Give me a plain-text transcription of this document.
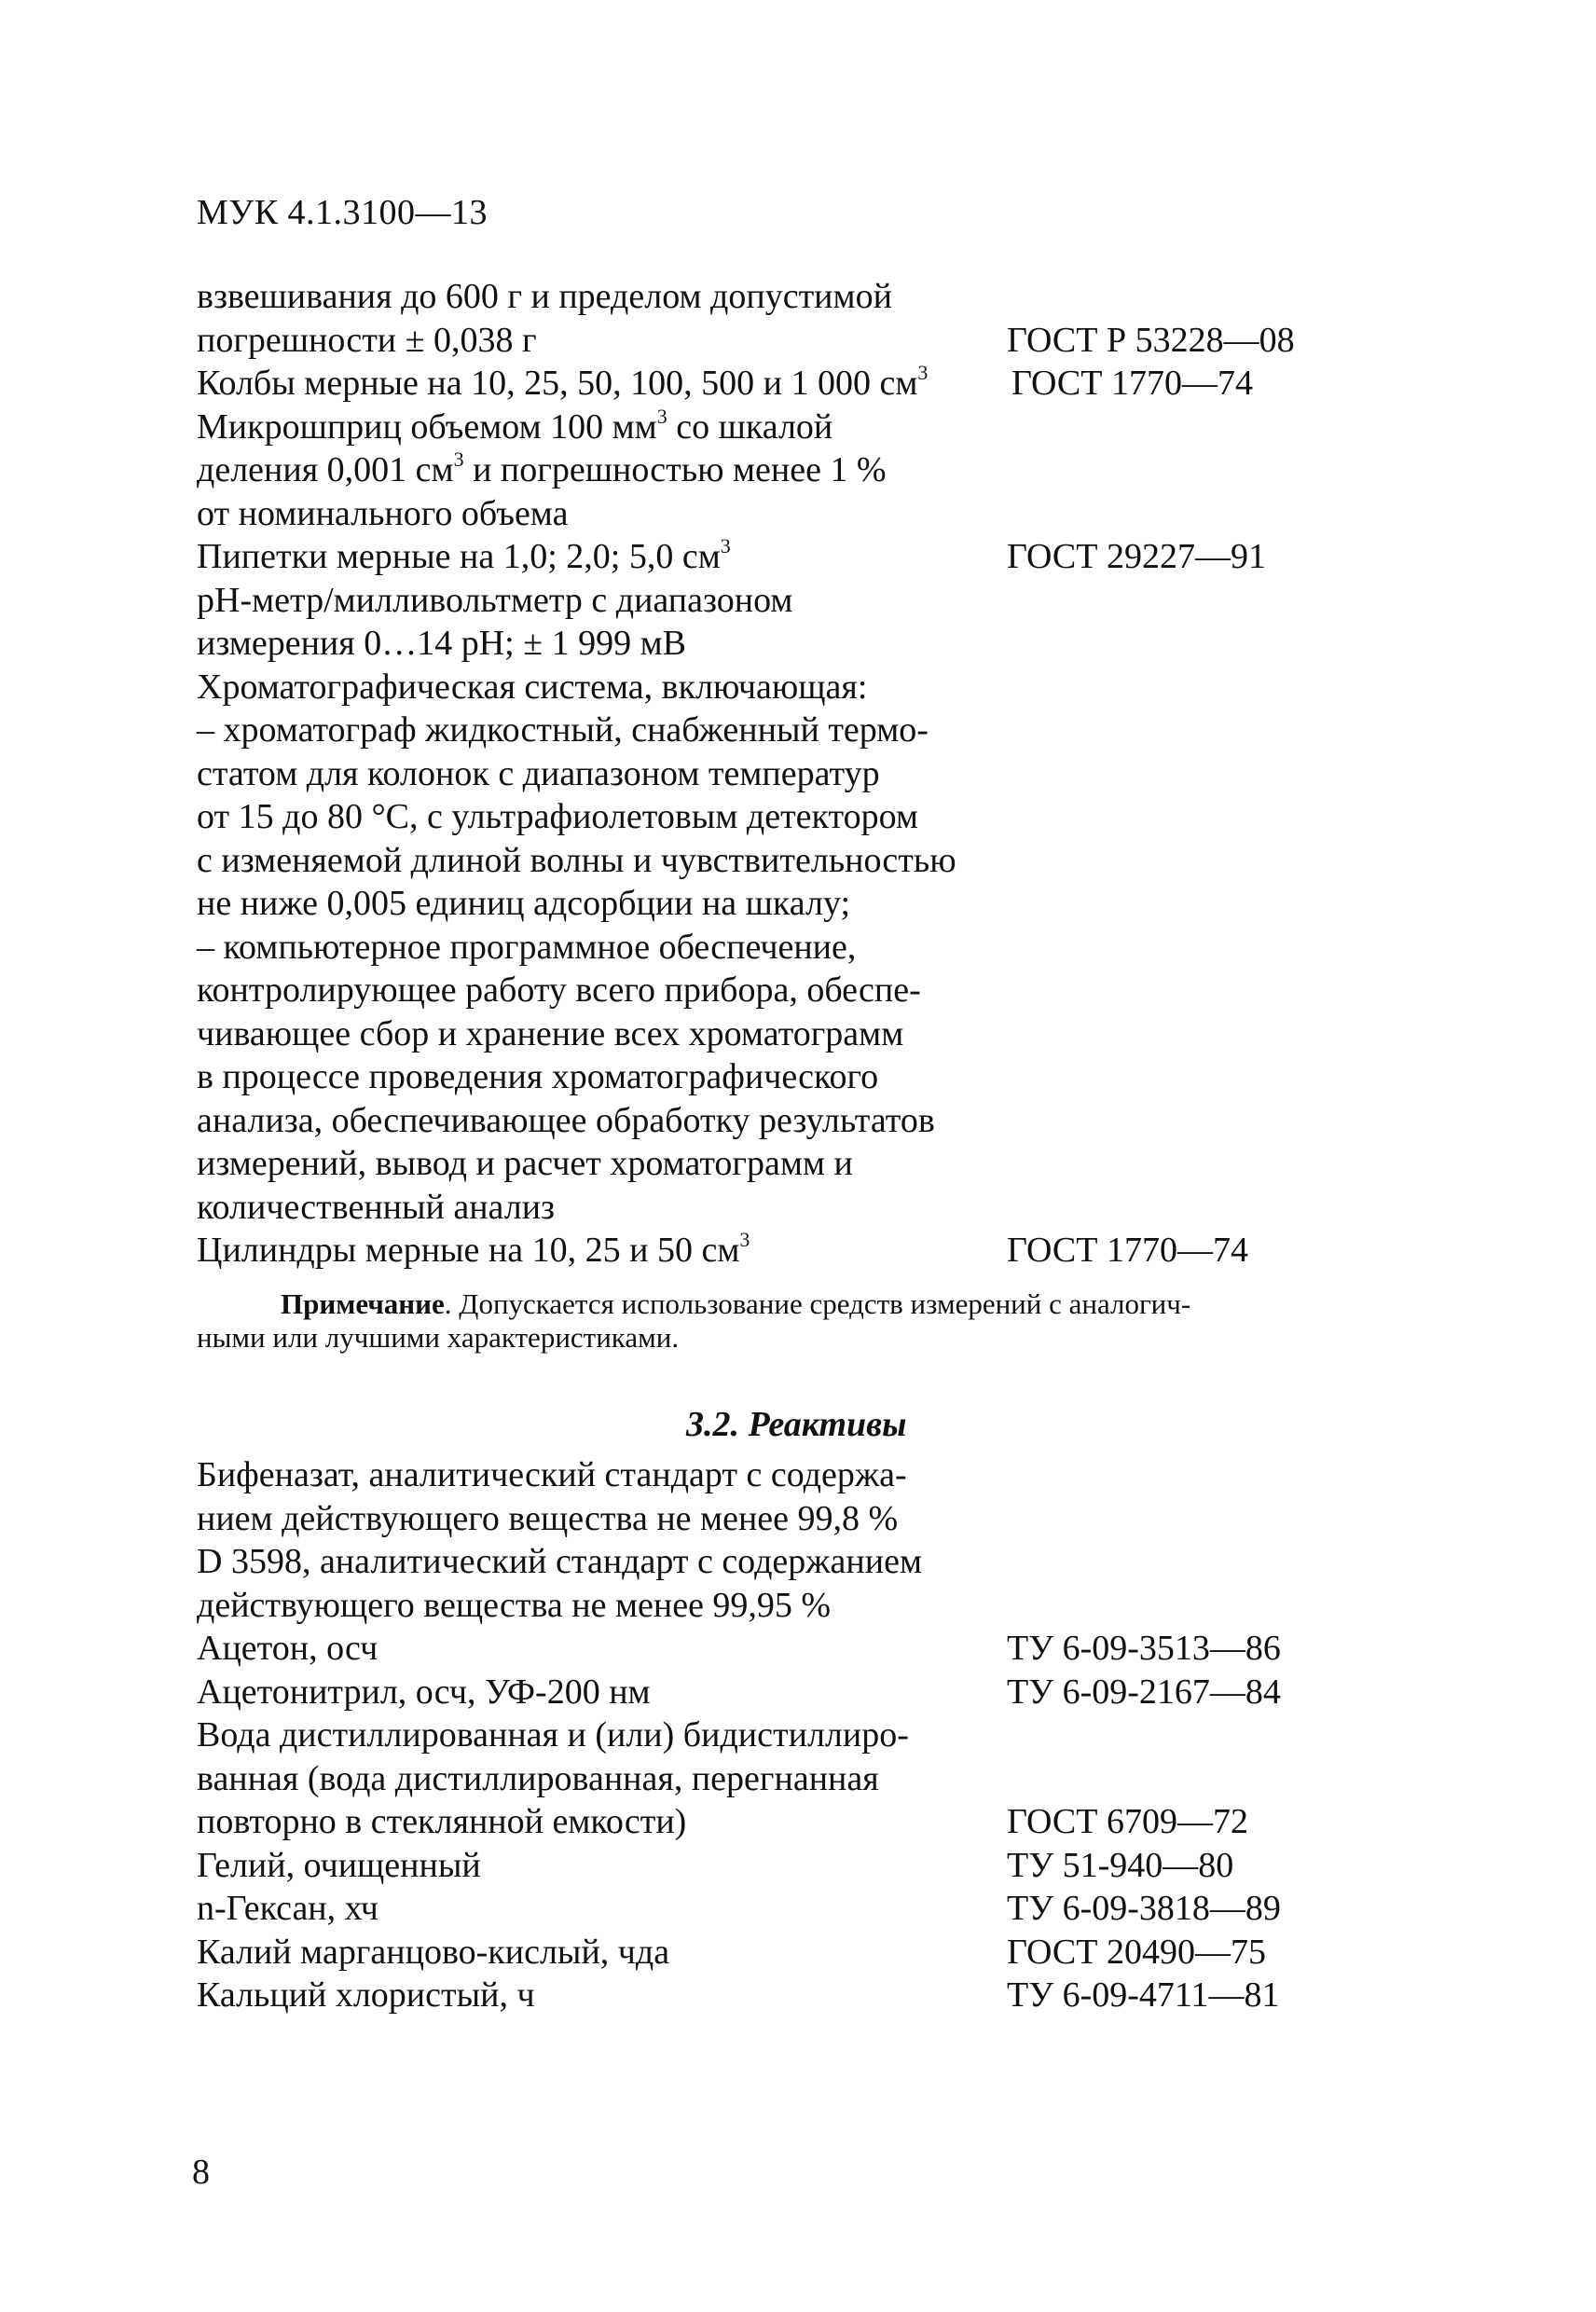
МУК 4.1.3100—13
взвешивания до 600 г и пределом допустимой
погрешности ± 0,038 г	ГОСТ Р 53228—08
Колбы мерные на 10, 25, 50, 100, 500 и 1 000 $см^3$ ГОСТ 1770—74
Микрошприц объемом 100 $мм^3$ со шкалой
деления 0,001 $см^3$ и погрешностью менее 1 %
от номинального объема
Пипетки мерные на 1,0; 2,0; 5,0 $см^3$	ГОСТ 29227—91
рН-метр/милливольтметр с диапазоном
измерения 0…14 рН; ± 1 999 мВ
Хроматографическая система, включающая:
– хроматограф жидкостный, снабженный термо-
статом для колонок с диапазоном температур
от 15 до 80 °С, с ультрафиолетовым детектором
с изменяемой длиной волны и чувствительностью
не ниже 0,005 единиц адсорбции на шкалу;
– компьютерное программное обеспечение,
контролирующее работу всего прибора, обеспе-
чивающее сбор и хранение всех хроматограмм
в процессе проведения хроматографического
анализа, обеспечивающее обработку результатов
измерений, вывод и расчет хроматограмм и
количественный анализ
Цилиндры мерные на 10, 25 и 50 $см^3$	ГОСТ 1770—74
Примечание. Допускается использование средств измерений с аналогич-
ными или лучшими характеристиками.
3.2. Реактивы
Бифеназат, аналитический стандарт с содержа-
нием действующего вещества не менее 99,8 %
D 3598, аналитический стандарт с содержанием
действующего вещества не менее 99,95 %
Ацетон, осч	ТУ 6-09-3513—86
Ацетонитрил, осч, УФ-200 нм	ТУ 6-09-2167—84
Вода дистиллированная и (или) бидистиллиро-
ванная (вода дистиллированная, перегнанная
повторно в стеклянной емкости)	ГОСТ 6709—72
Гелий, очищенный	ТУ 51-940—80
n-Гексан, хч	ТУ 6-09-3818—89
Калий марганцово-кислый, чда	ГОСТ 20490—75
Кальций хлористый, ч	ТУ 6-09-4711—81
8
